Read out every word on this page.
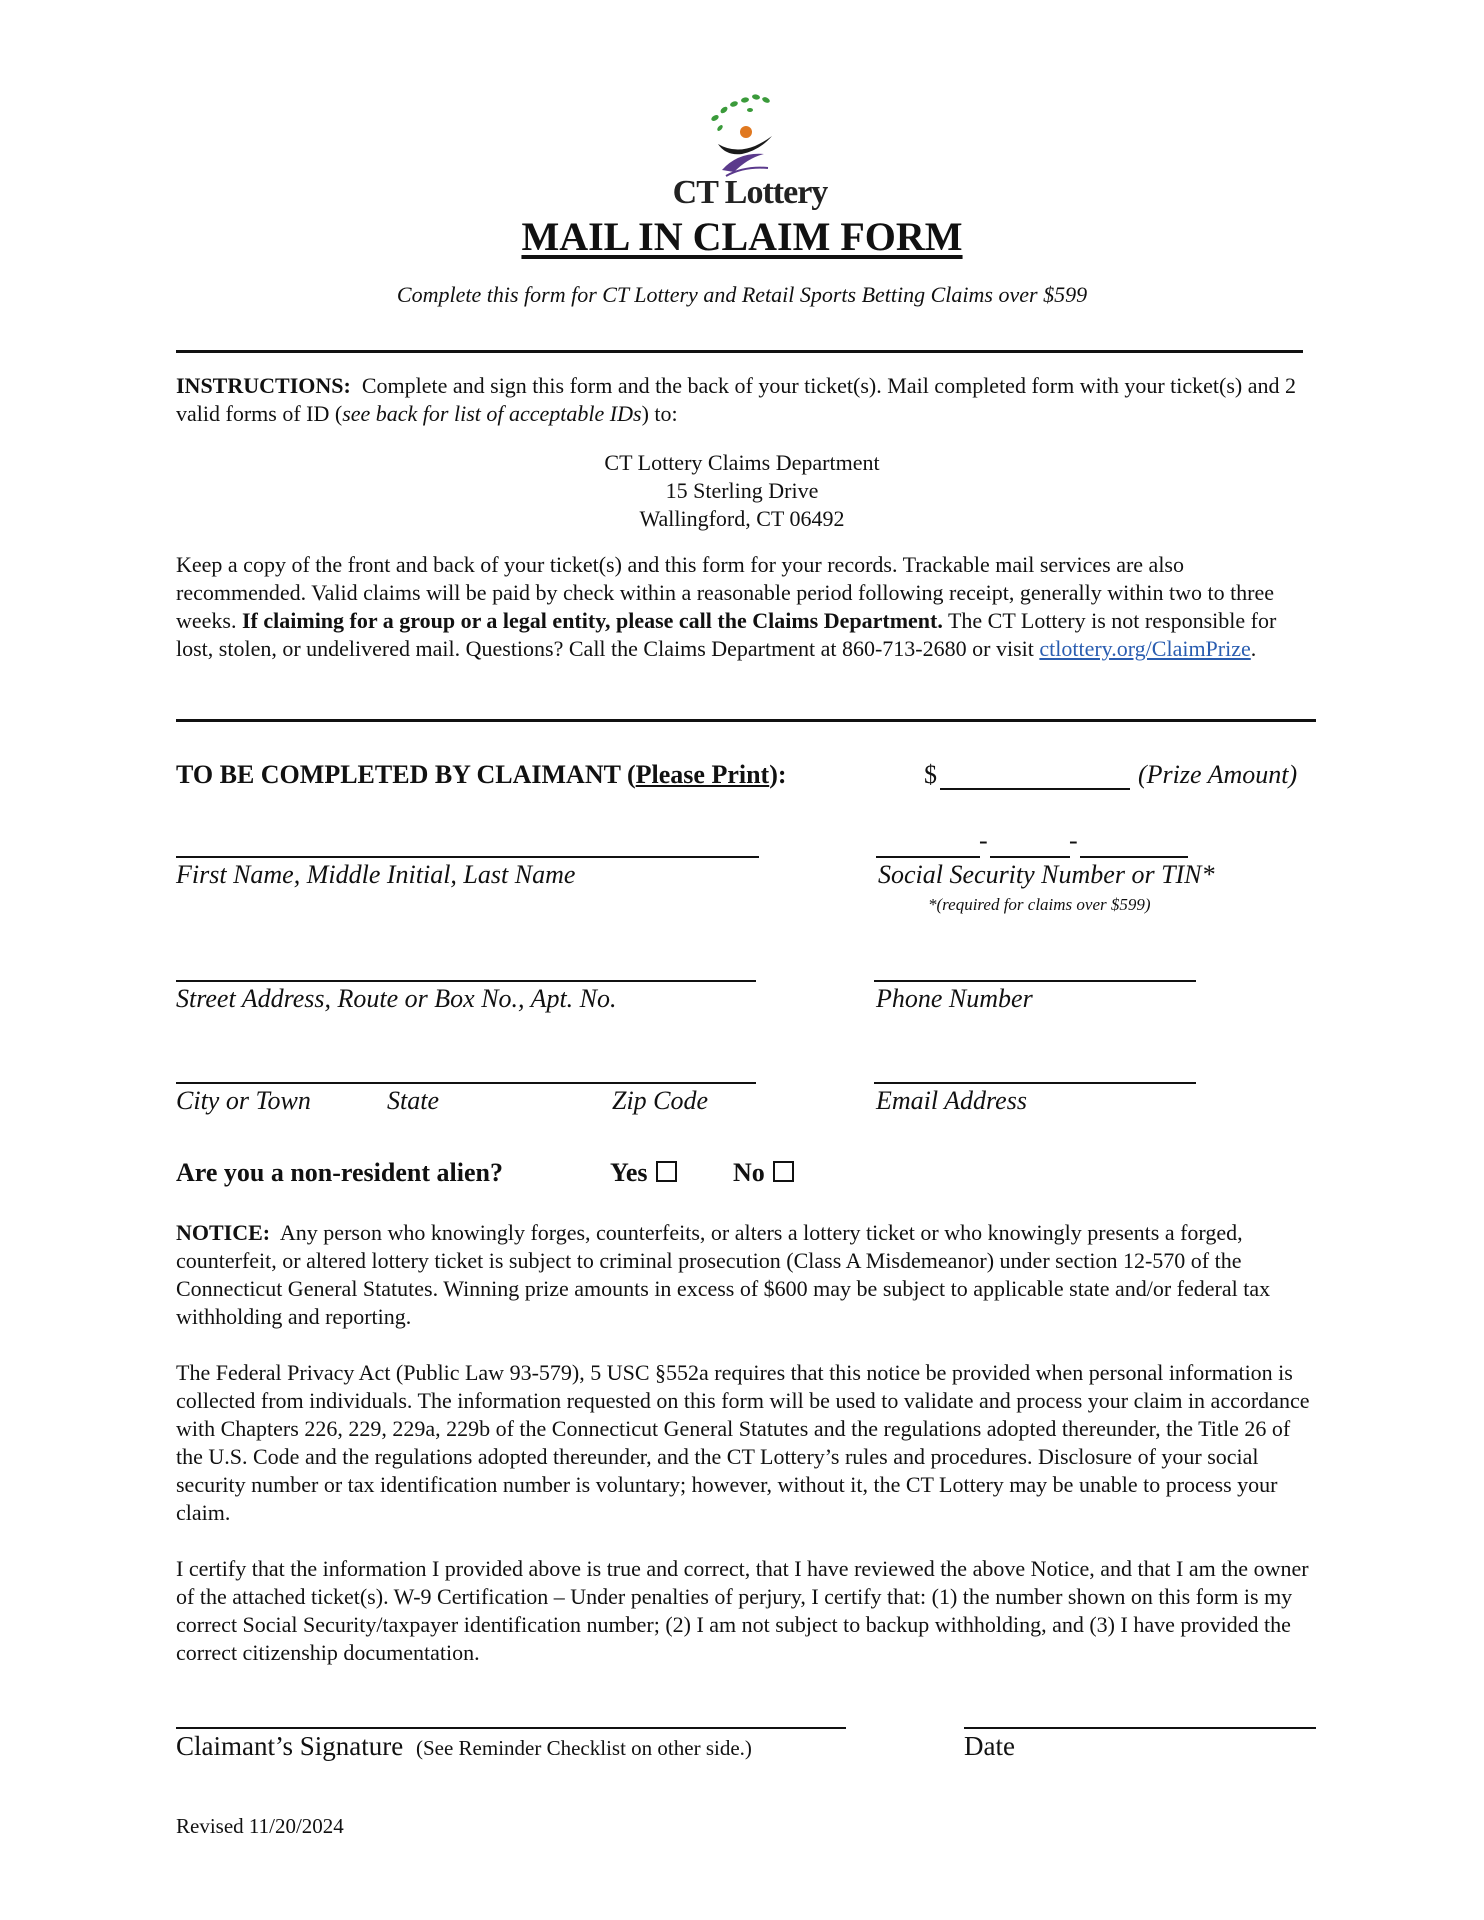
CT Lottery
MAIL IN CLAIM FORM
Complete this form for CT Lottery and Retail Sports Betting Claims over $599
INSTRUCTIONS: Complete and sign this form and the back of your ticket(s). Mail completed form with your ticket(s) and 2 valid forms of ID (see back for list of acceptable IDs) to:
CT Lottery Claims Department
15 Sterling Drive
Wallingford, CT 06492
Keep a copy of the front and back of your ticket(s) and this form for your records. Trackable mail services are also recommended. Valid claims will be paid by check within a reasonable period following receipt, generally within two to three weeks. If claiming for a group or a legal entity, please call the Claims Department. The CT Lottery is not responsible for lost, stolen, or undelivered mail. Questions? Call the Claims Department at 860-713-2680 or visit ctlottery.org/ClaimPrize.
TO BE COMPLETED BY CLAIMANT (Please Print):	$	(Prize Amount)
First Name, Middle Initial, Last Name
-	-
Social Security Number or TIN*
*(required for claims over $599)
Street Address, Route or Box No., Apt. No.	Phone Number
City or Town	State	Zip Code	Email Address
Are you a non-resident alien?	Yes	No
NOTICE: Any person who knowingly forges, counterfeits, or alters a lottery ticket or who knowingly presents a forged, counterfeit, or altered lottery ticket is subject to criminal prosecution (Class A Misdemeanor) under section 12-570 of the Connecticut General Statutes. Winning prize amounts in excess of $600 may be subject to applicable state and/or federal tax withholding and reporting.
The Federal Privacy Act (Public Law 93-579), 5 USC §552a requires that this notice be provided when personal information is collected from individuals. The information requested on this form will be used to validate and process your claim in accordance with Chapters 226, 229, 229a, 229b of the Connecticut General Statutes and the regulations adopted thereunder, the Title 26 of the U.S. Code and the regulations adopted thereunder, and the CT Lottery’s rules and procedures. Disclosure of your social security number or tax identification number is voluntary; however, without it, the CT Lottery may be unable to process your claim.
I certify that the information I provided above is true and correct, that I have reviewed the above Notice, and that I am the owner of the attached ticket(s). W-9 Certification – Under penalties of perjury, I certify that: (1) the number shown on this form is my correct Social Security/taxpayer identification number; (2) I am not subject to backup withholding, and (3) I have provided the correct citizenship documentation.
Claimant’s Signature (See Reminder Checklist on other side.)	Date
Revised 11/20/2024
